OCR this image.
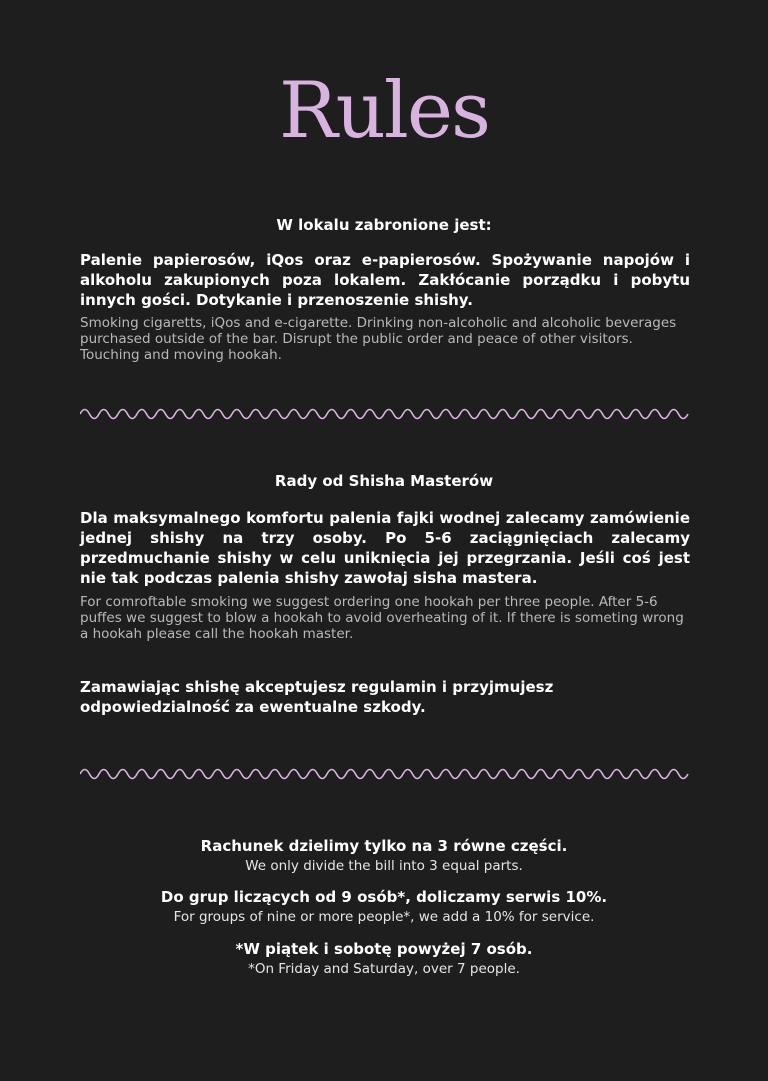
Rules
W lokalu zabronione jest:
Palenie papierosów, iQos oraz e-papierosów. Spożywanie napojów i alkoholu zakupionych poza lokalem. Zakłócanie porządku i pobytu innych gości. Dotykanie i przenoszenie shishy.
Smoking cigaretts, iQos and e-cigarette. Drinking non-alcoholic and alcoholic beverages purchased outside of the bar. Disrupt the public order and peace of other visitors. Touching and moving hookah.
Rady od Shisha Masterów
Dla maksymalnego komfortu palenia fajki wodnej zalecamy zamówienie jednej shishy na trzy osoby. Po 5-6 zaciągnięciach zalecamy przedmuchanie shishy w celu uniknięcia jej przegrzania. Jeśli coś jest nie tak podczas palenia shishy zawołaj sisha mastera.
For comroftable smoking we suggest ordering one hookah per three people. After 5-6 puffes we suggest to blow a hookah to avoid overheating of it. If there is someting wrong a hookah please call the hookah master.
Zamawiając shishę akceptujesz regulamin i przyjmujesz odpowiedzialność za ewentualne szkody.
Rachunek dzielimy tylko na 3 równe części.
We only divide the bill into 3 equal parts.
Do grup liczących od 9 osób*, doliczamy serwis 10%.
For groups of nine or more people*, we add a 10% for service.
*W piątek i sobotę powyżej 7 osób.
*On Friday and Saturday, over 7 people.
